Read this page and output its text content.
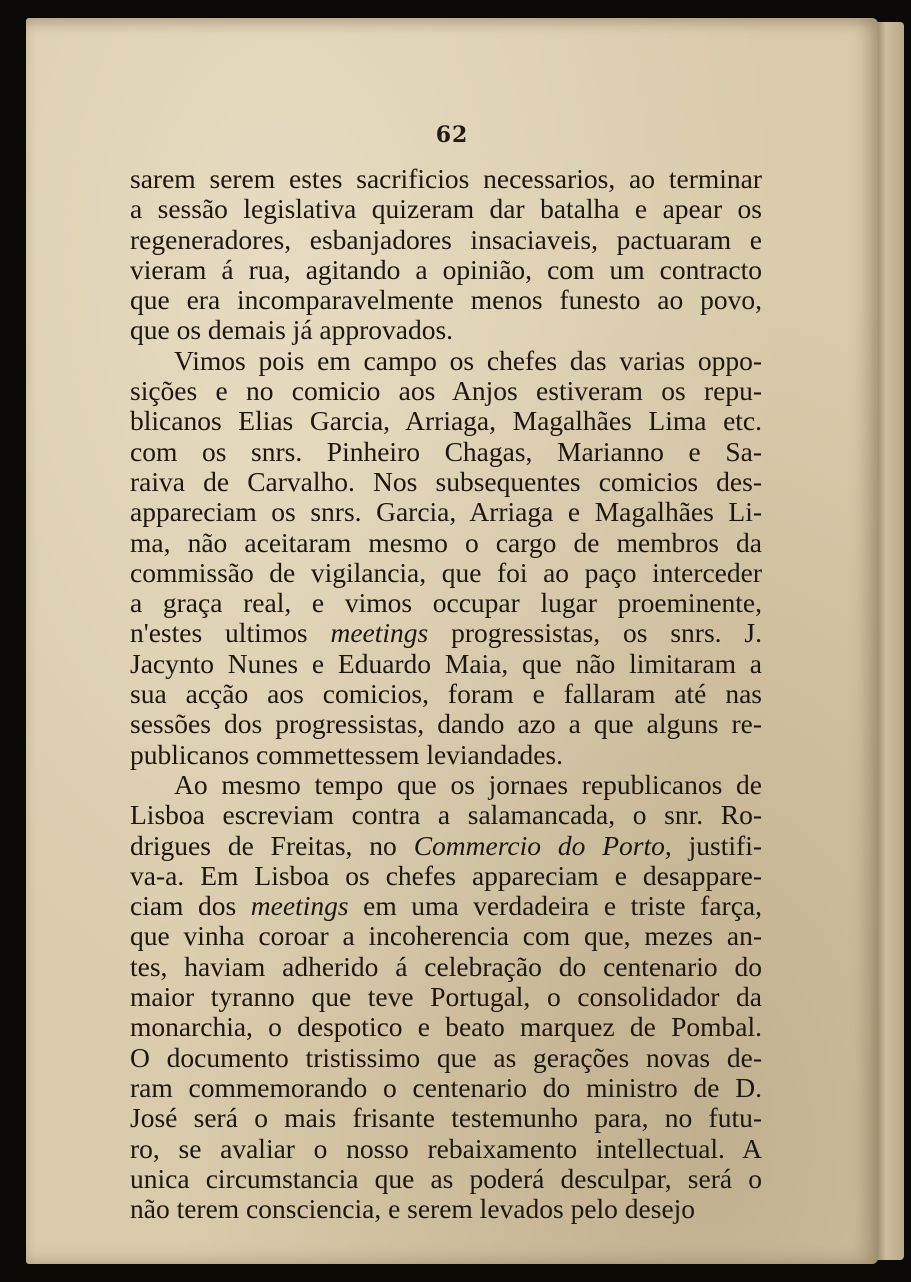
62
sarem serem estes sacrificios necessarios, ao terminar
a sessão legislativa quizeram dar batalha e apear os
regeneradores, esbanjadores insaciaveis, pactuaram e
vieram á rua, agitando a opinião, com um contracto
que era incomparavelmente menos funesto ao povo,
que os demais já approvados.
Vimos pois em campo os chefes das varias oppo-
sições e no comicio aos Anjos estiveram os repu-
blicanos Elias Garcia, Arriaga, Magalhães Lima etc.
com os snrs. Pinheiro Chagas, Marianno e Sa-
raiva de Carvalho. Nos subsequentes comicios des-
appareciam os snrs. Garcia, Arriaga e Magalhães Li-
ma, não aceitaram mesmo o cargo de membros da
commissão de vigilancia, que foi ao paço interceder
a graça real, e vimos occupar lugar proeminente,
n'estes ultimos meetings progressistas, os snrs. J.
Jacynto Nunes e Eduardo Maia, que não limitaram a
sua acção aos comicios, foram e fallaram até nas
sessões dos progressistas, dando azo a que alguns re-
publicanos commettessem leviandades.
Ao mesmo tempo que os jornaes republicanos de
Lisboa escreviam contra a salamancada, o snr. Ro-
drigues de Freitas, no Commercio do Porto, justifi-
va-a. Em Lisboa os chefes appareciam e desappare-
ciam dos meetings em uma verdadeira e triste farça,
que vinha coroar a incoherencia com que, mezes an-
tes, haviam adherido á celebração do centenario do
maior tyranno que teve Portugal, o consolidador da
monarchia, o despotico e beato marquez de Pombal.
O documento tristissimo que as gerações novas de-
ram commemorando o centenario do ministro de D.
José será o mais frisante testemunho para, no futu-
ro, se avaliar o nosso rebaixamento intellectual. A
unica circumstancia que as poderá desculpar, será o
não terem consciencia, e serem levados pelo desejo
